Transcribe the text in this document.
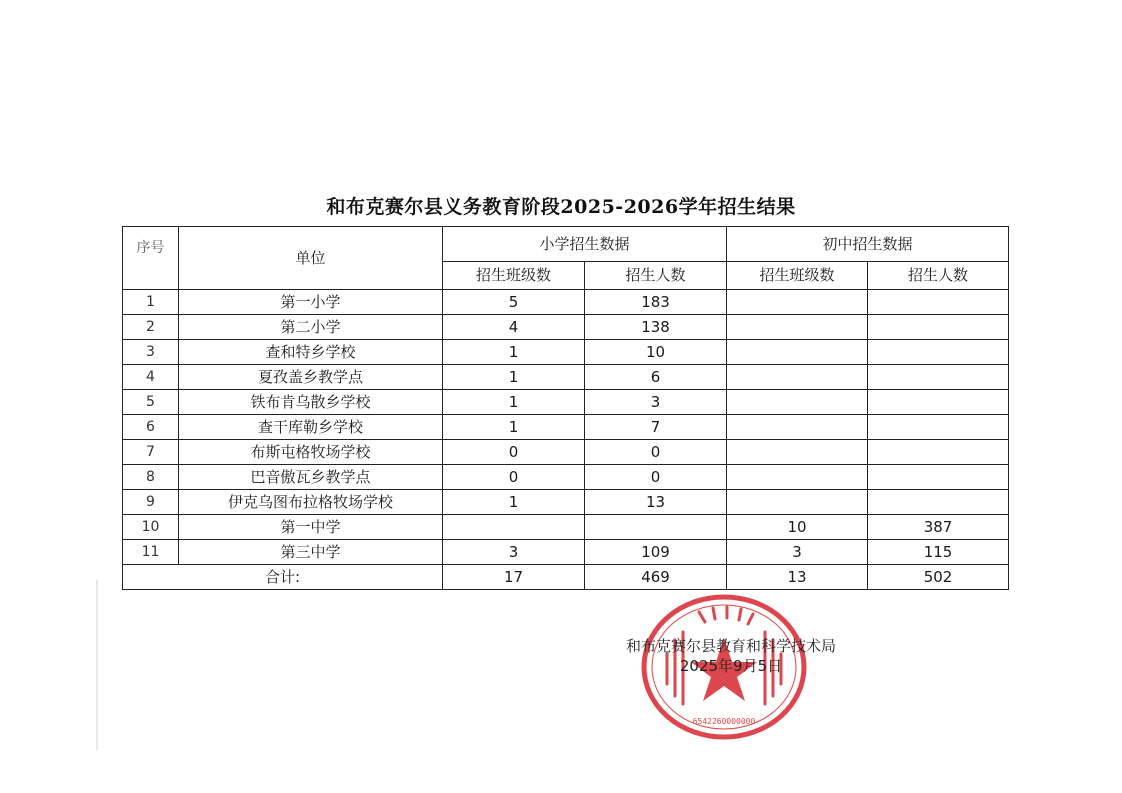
和布克赛尔县义务教育阶段2025-2026学年招生结果
序号	单位	小学招生数据		初中招生数据	
		招生班级数	招生人数	招生班级数	招生人数
1	第一小学	5	183		
2	第二小学	4	138		
3	查和特乡学校	1	10		
4	夏孜盖乡教学点	1	6		
5	铁布肯乌散乡学校	1	3		
6	查干库勒乡学校	1	7		
7	布斯屯格牧场学校	0	0		
8	巴音傲瓦乡教学点	0	0		
9	伊克乌图布拉格牧场学校	1	13		
10	第一中学			10	387
11	第三中学	3	109	3	115
合计:		17	469	13	502
6542260000000
和布克赛尔县教育和科学技术局
2025年9月5日
